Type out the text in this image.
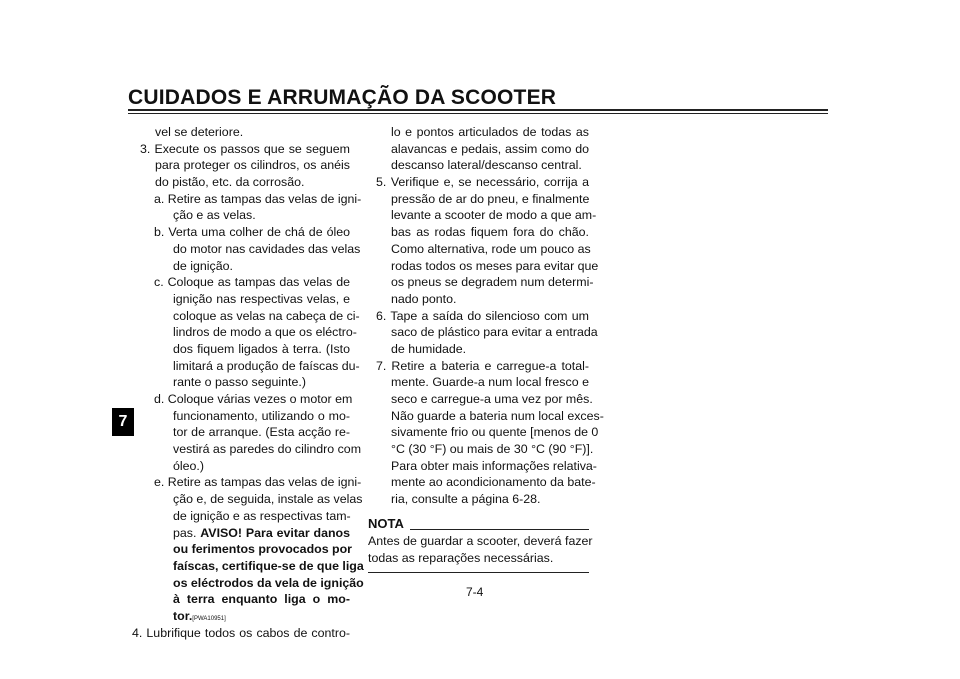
CUIDADOS E ARRUMAÇÃO DA SCOOTER
7
vel se deteriore.
3. Execute os passos que se seguem
para proteger os cilindros, os anéis
do pistão, etc. da corrosão.
a. Retire as tampas das velas de igni-
ção e as velas.
b. Verta uma colher de chá de óleo
do motor nas cavidades das velas
de ignição.
c. Coloque as tampas das velas de
ignição nas respectivas velas, e
coloque as velas na cabeça de ci-
lindros de modo a que os eléctro-
dos fiquem ligados à terra. (Isto
limitará a produção de faíscas du-
rante o passo seguinte.)
d. Coloque várias vezes o motor em
funcionamento, utilizando o mo-
tor de arranque. (Esta acção re-
vestirá as paredes do cilindro com
óleo.)
e. Retire as tampas das velas de igni-
ção e, de seguida, instale as velas
de ignição e as respectivas tam-
pas. AVISO! Para evitar danos
ou ferimentos provocados por
faíscas, certifique-se de que liga
os eléctrodos da vela de ignição
à terra enquanto liga o mo-
tor.[PWA10951]
4. Lubrifique todos os cabos de contro-
lo e pontos articulados de todas as
alavancas e pedais, assim como do
descanso lateral/descanso central.
5. Verifique e, se necessário, corrija a
pressão de ar do pneu, e finalmente
levante a scooter de modo a que am-
bas as rodas fiquem fora do chão.
Como alternativa, rode um pouco as
rodas todos os meses para evitar que
os pneus se degradem num determi-
nado ponto.
6. Tape a saída do silencioso com um
saco de plástico para evitar a entrada
de humidade.
7. Retire a bateria e carregue-a total-
mente. Guarde-a num local fresco e
seco e carregue-a uma vez por mês.
Não guarde a bateria num local exces-
sivamente frio ou quente [menos de 0
°C (30 °F) ou mais de 30 °C (90 °F)].
Para obter mais informações relativa-
mente ao acondicionamento da bate-
ria, consulte a página 6-28.
NOTA
Antes de guardar a scooter, deverá fazer
todas as reparações necessárias.
7-4
